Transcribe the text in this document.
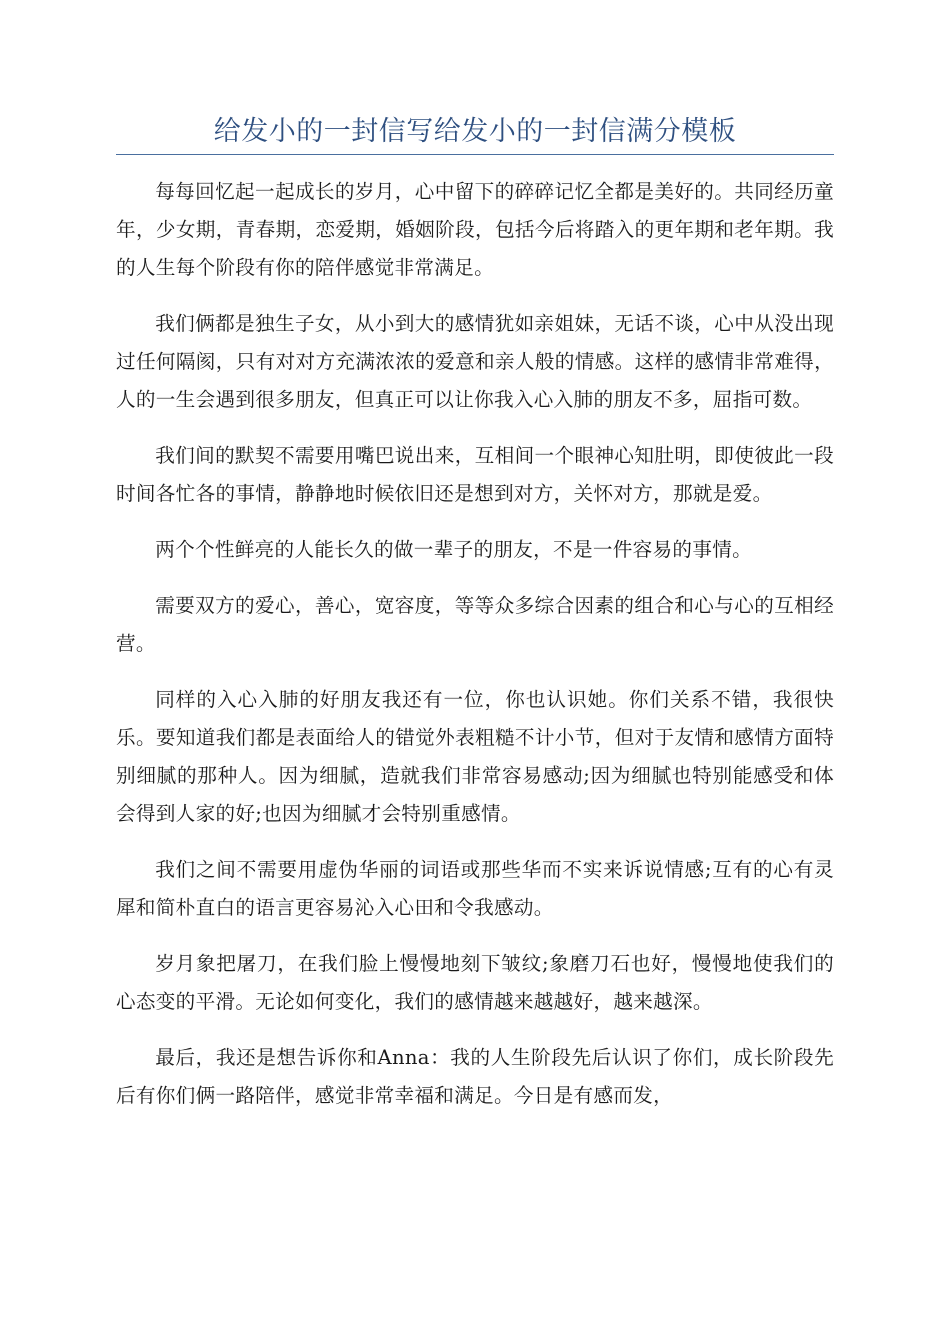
给发小的一封信写给发小的一封信满分模板

每每回忆起一起成长的岁月，心中留下的碎碎记忆全都是美好的。共同经历童年，少女期，青春期，恋爱期，婚姻阶段，包括今后将踏入的更年期和老年期。我的人生每个阶段有你的陪伴感觉非常满足。

我们俩都是独生子女，从小到大的感情犹如亲姐妹，无话不谈，心中从没出现过任何隔阂，只有对对方充满浓浓的爱意和亲人般的情感。这样的感情非常难得，人的一生会遇到很多朋友，但真正可以让你我入心入肺的朋友不多，屈指可数。

我们间的默契不需要用嘴巴说出来，互相间一个眼神心知肚明，即使彼此一段时间各忙各的事情，静静地时候依旧还是想到对方，关怀对方，那就是爱。

两个个性鲜亮的人能长久的做一辈子的朋友，不是一件容易的事情。

需要双方的爱心，善心，宽容度，等等众多综合因素的组合和心与心的互相经营。

同样的入心入肺的好朋友我还有一位，你也认识她。你们关系不错，我很快乐。要知道我们都是表面给人的错觉外表粗糙不计小节，但对于友情和感情方面特别细腻的那种人。因为细腻，造就我们非常容易感动;因为细腻也特别能感受和体会得到人家的好;也因为细腻才会特别重感情。

我们之间不需要用虚伪华丽的词语或那些华而不实来诉说情感;互有的心有灵犀和简朴直白的语言更容易沁入心田和令我感动。

岁月象把屠刀，在我们脸上慢慢地刻下皱纹;象磨刀石也好，慢慢地使我们的心态变的平滑。无论如何变化，我们的感情越来越越好，越来越深。

最后，我还是想告诉你和Anna：我的人生阶段先后认识了你们，成长阶段先后有你们俩一路陪伴，感觉非常幸福和满足。今日是有感而发，
